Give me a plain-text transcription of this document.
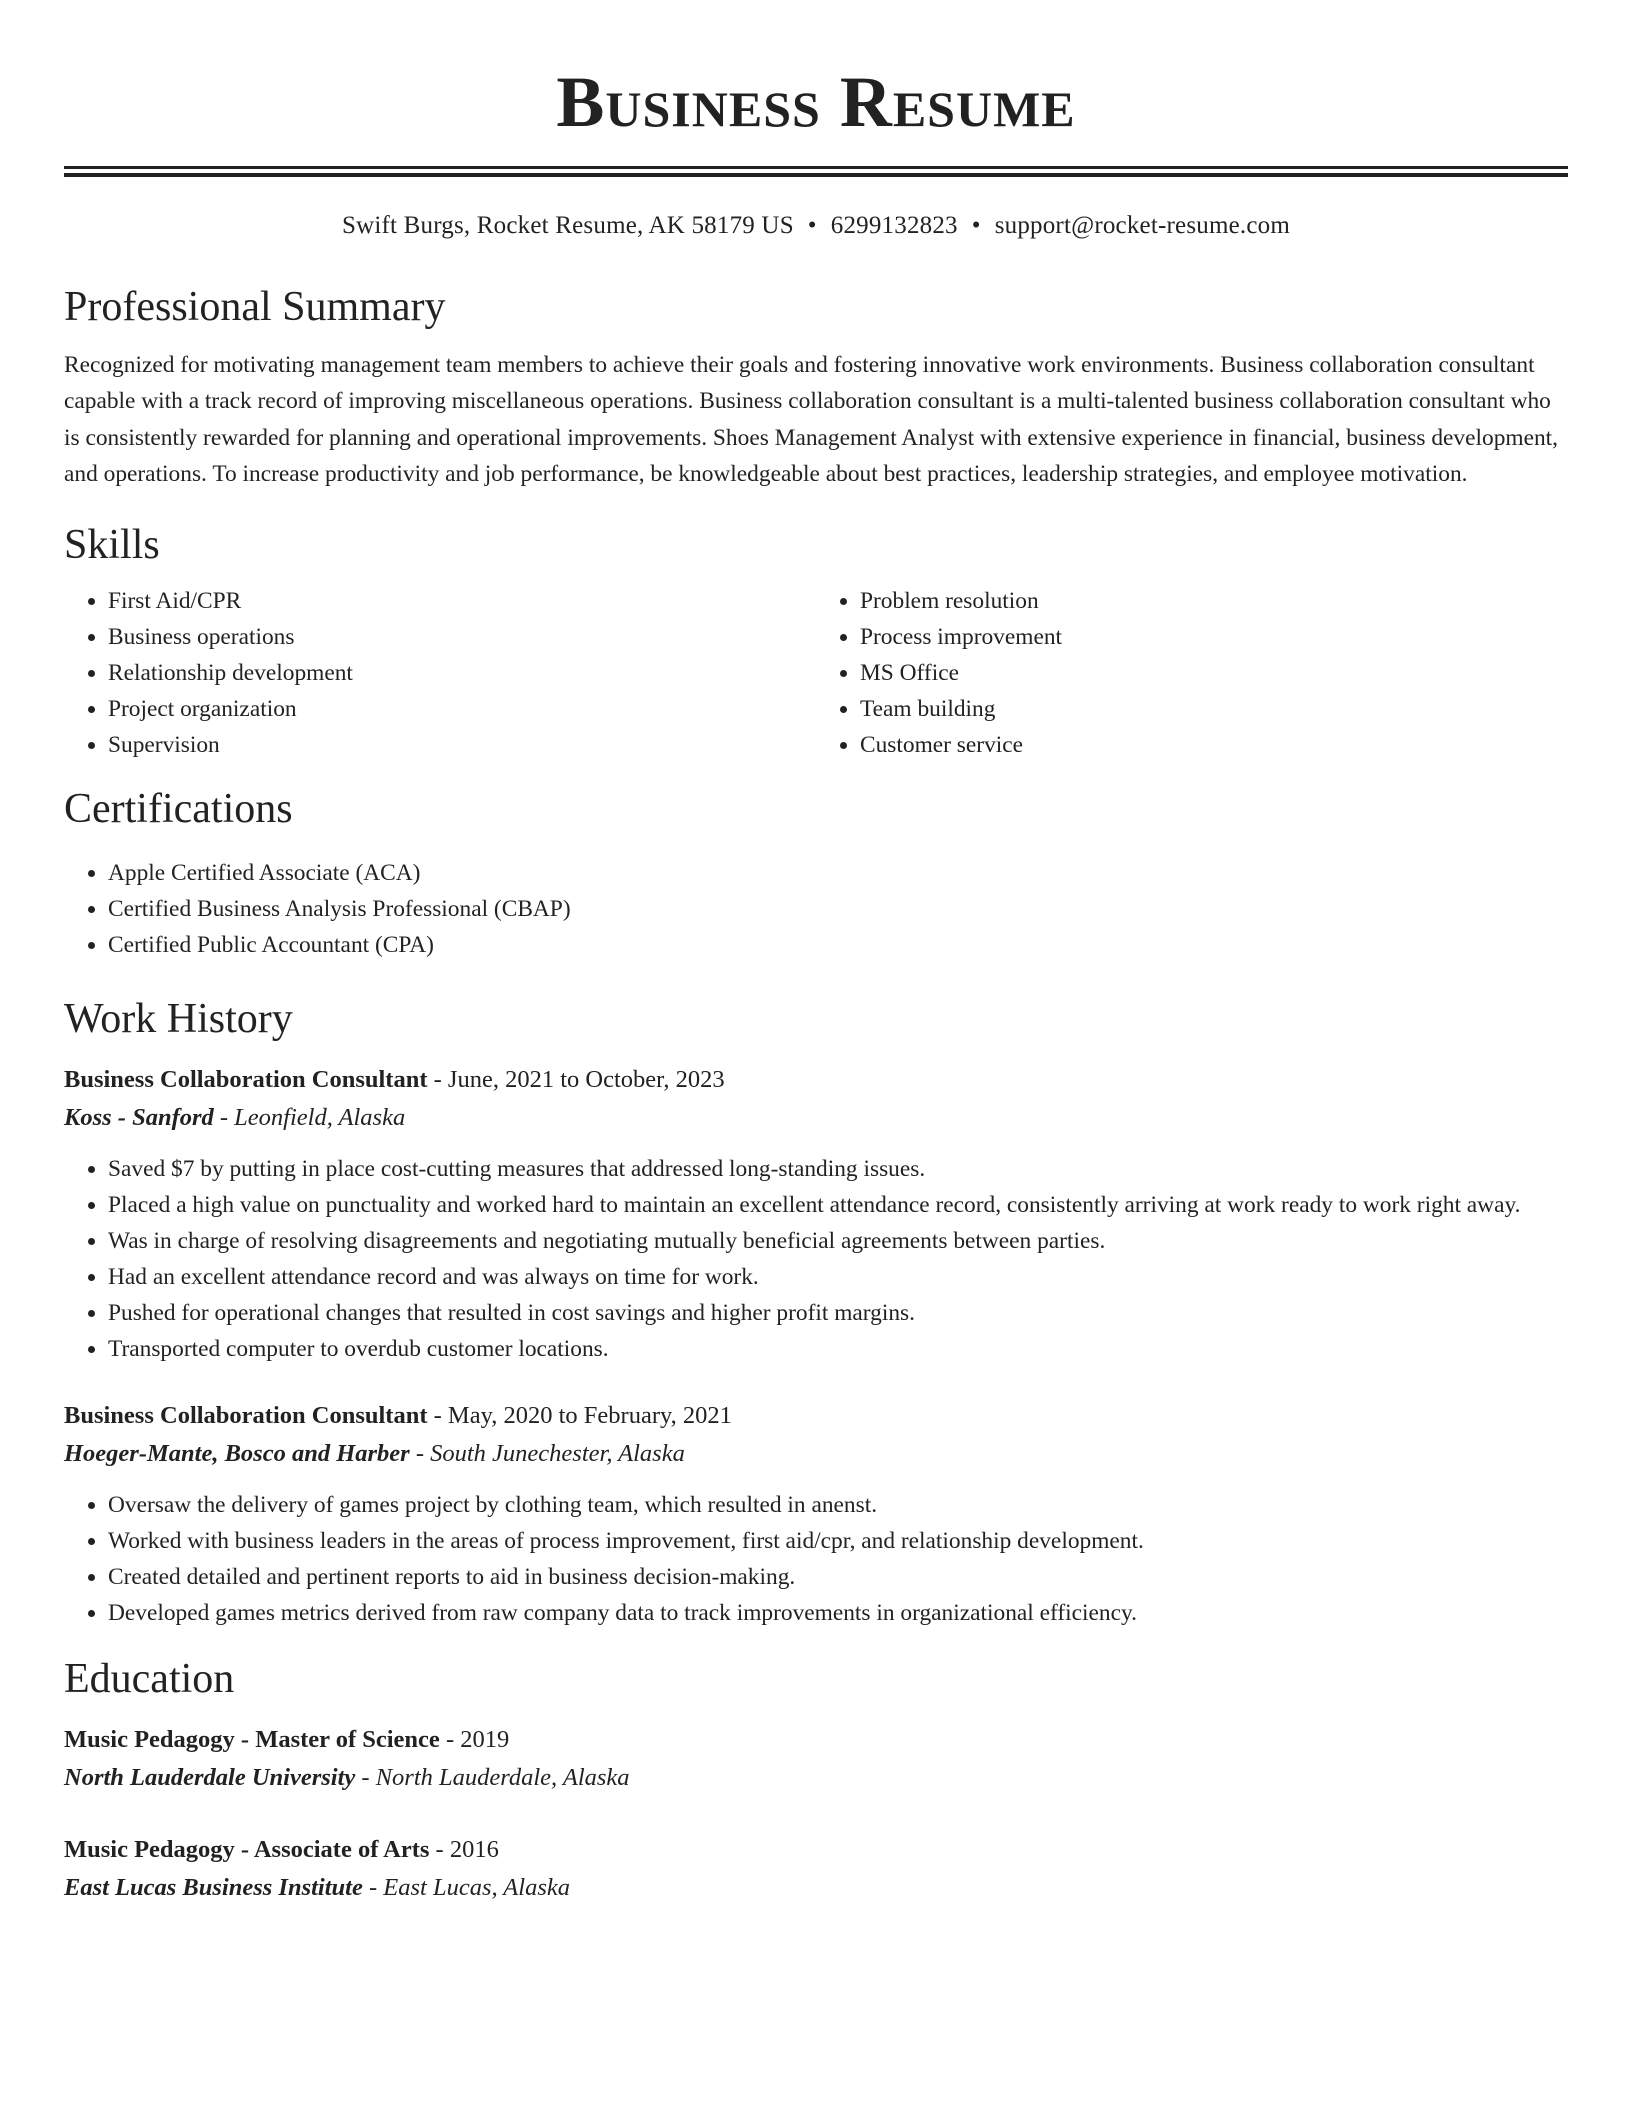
Business Resume
Swift Burgs, Rocket Resume, AK 58179 US • 6299132823 • support@rocket-resume.com
Professional Summary
Recognized for motivating management team members to achieve their goals and fostering innovative work environments. Business collaboration consultant capable with a track record of improving miscellaneous operations. Business collaboration consultant is a multi-talented business collaboration consultant who is consistently rewarded for planning and operational improvements. Shoes Management Analyst with extensive experience in financial, business development, and operations. To increase productivity and job performance, be knowledgeable about best practices, leadership strategies, and employee motivation.
Skills
• First Aid/CPR
• Business operations
• Relationship development
• Project organization
• Supervision
• Problem resolution
• Process improvement
• MS Office
• Team building
• Customer service
Certifications
• Apple Certified Associate (ACA)
• Certified Business Analysis Professional (CBAP)
• Certified Public Accountant (CPA)
Work History
Business Collaboration Consultant - June, 2021 to October, 2023
Koss - Sanford - Leonfield, Alaska
• Saved $7 by putting in place cost-cutting measures that addressed long-standing issues.
• Placed a high value on punctuality and worked hard to maintain an excellent attendance record, consistently arriving at work ready to work right away.
• Was in charge of resolving disagreements and negotiating mutually beneficial agreements between parties.
• Had an excellent attendance record and was always on time for work.
• Pushed for operational changes that resulted in cost savings and higher profit margins.
• Transported computer to overdub customer locations.
Business Collaboration Consultant - May, 2020 to February, 2021
Hoeger-Mante, Bosco and Harber - South Junechester, Alaska
• Oversaw the delivery of games project by clothing team, which resulted in anenst.
• Worked with business leaders in the areas of process improvement, first aid/cpr, and relationship development.
• Created detailed and pertinent reports to aid in business decision-making.
• Developed games metrics derived from raw company data to track improvements in organizational efficiency.
Education
Music Pedagogy - Master of Science - 2019
North Lauderdale University - North Lauderdale, Alaska
Music Pedagogy - Associate of Arts - 2016
East Lucas Business Institute - East Lucas, Alaska
